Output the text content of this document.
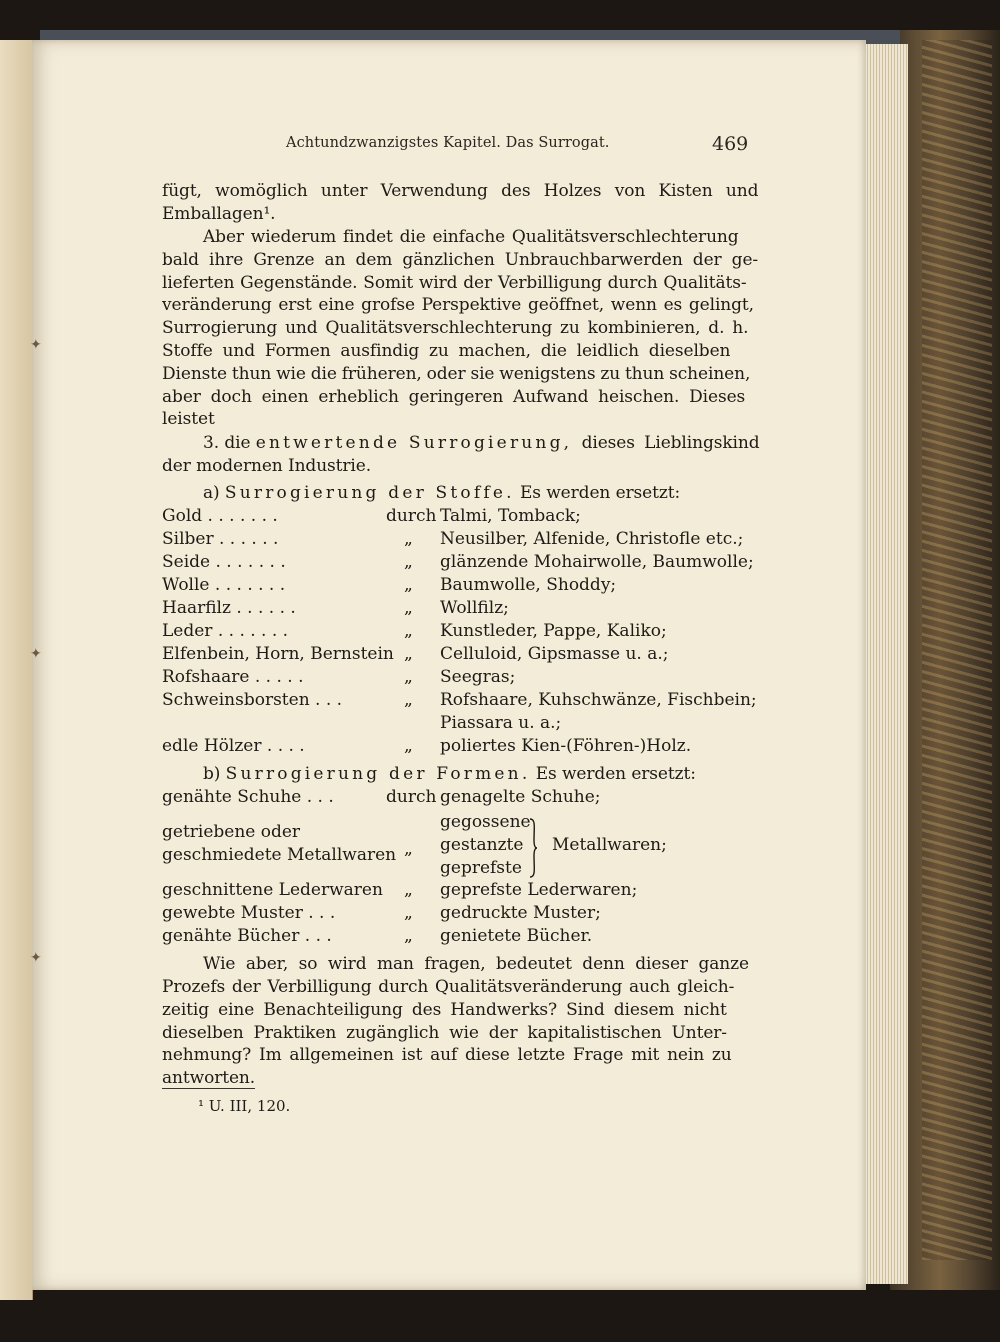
✦
✦
✦
Achtundzwanzigstes Kapitel. Das Surrogat.	469
fügt, womöglich unter Verwendung des Holzes von Kisten und
Emballagen¹.
Aber wiederum findet die einfache Qualitätsverschlechterung
bald ihre Grenze an dem gänzlichen Unbrauchbarwerden der ge-
lieferten Gegenstände. Somit wird der Verbilligung durch Qualitäts-
veränderung erst eine grofse Perspektive geöffnet, wenn es gelingt,
Surrogierung und Qualitätsverschlechterung zu kombinieren, d. h.
Stoffe und Formen ausfindig zu machen, die leidlich dieselben
Dienste thun wie die früheren, oder sie wenigstens zu thun scheinen,
aber doch einen erheblich geringeren Aufwand heischen. Dieses
leistet
3. die entwertende Surrogierung, dieses Lieblingskind
der modernen Industrie.
a) Surrogierung der Stoffe. Es werden ersetzt:
Gold . . . . . . .	durch Talmi, Tomback;
Silber . . . . . .	„ Neusilber, Alfenide, Christofle etc.;
Seide . . . . . . .	„ glänzende Mohairwolle, Baumwolle;
Wolle . . . . . . .	„ Baumwolle, Shoddy;
Haarfilz . . . . . .	„ Wollfilz;
Leder . . . . . . .	„ Kunstleder, Pappe, Kaliko;
Elfenbein, Horn, Bernstein „ Celluloid, Gipsmasse u. a.;
Rofshaare . . . . .	„ Seegras;
Schweinsborsten . . .	„ Rofshaare, Kuhschwänze, Fischbein;
Piassara u. a.;
edle Hölzer . . . .	„ poliertes Kien-(Föhren-)Holz.
b) Surrogierung der Formen. Es werden ersetzt:
genähte Schuhe . . .	durch genagelte Schuhe;
getriebene oder
geschmiedete Metallwaren „
gegossene
gestanzte
geprefste
Metallwaren;
geschnittene Lederwaren „ geprefste Lederwaren;
gewebte Muster . . .	„ gedruckte Muster;
genähte Bücher . . .	„ genietete Bücher.
Wie aber, so wird man fragen, bedeutet denn dieser ganze
Prozefs der Verbilligung durch Qualitätsveränderung auch gleich-
zeitig eine Benachteiligung des Handwerks? Sind diesem nicht
dieselben Praktiken zugänglich wie der kapitalistischen Unter-
nehmung? Im allgemeinen ist auf diese letzte Frage mit nein zu
antworten.
¹ U. III, 120.
